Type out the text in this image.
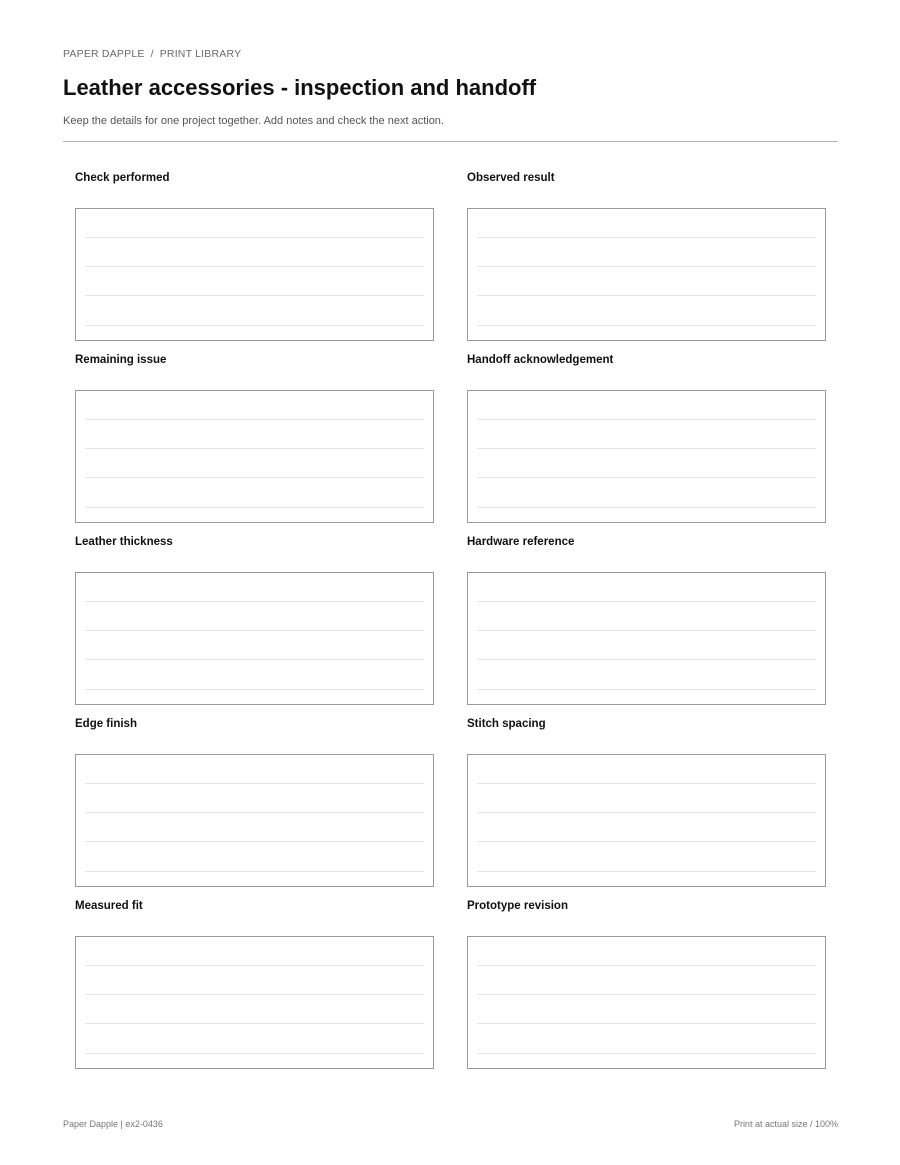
PAPER DAPPLE / PRINT LIBRARY
Leather accessories - inspection and handoff
Keep the details for one project together. Add notes and check the next action.
Check performed	Observed result
Remaining issue	Handoff acknowledgement
Leather thickness	Hardware reference
Edge finish	Stitch spacing
Measured fit	Prototype revision
Paper Dapple | ex2-0436	Print at actual size / 100%
